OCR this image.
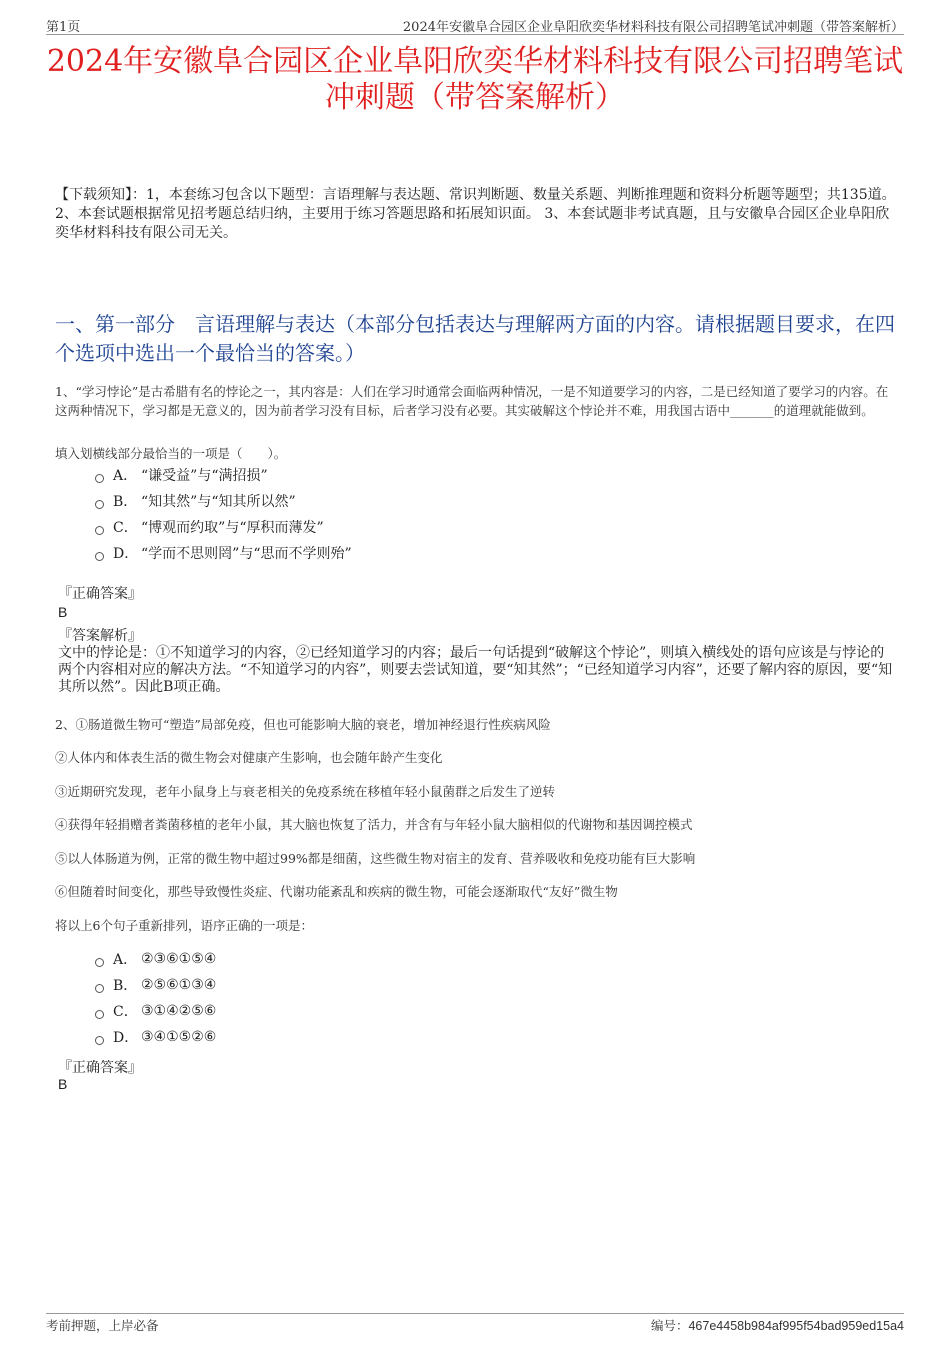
第1页	2024年安徽阜合园区企业阜阳欣奕华材料科技有限公司招聘笔试冲刺题（带答案解析）
2024年安徽阜合园区企业阜阳欣奕华材料科技有限公司招聘笔试冲刺题（带答案解析）
【下载须知】：1，本套练习包含以下题型：言语理解与表达题、常识判断题、数量关系题、判断推理题和资料分析题等题型；共135道。 2、本套试题根据常见招考题总结归纳，主要用于练习答题思路和拓展知识面。 3、本套试题非考试真题，且与安徽阜合园区企业阜阳欣奕华材料科技有限公司无关。
一、第一部分　言语理解与表达（本部分包括表达与理解两方面的内容。请根据题目要求，在四个选项中选出一个最恰当的答案。）
1、“学习悖论”是古希腊有名的悖论之一，其内容是：人们在学习时通常会面临两种情况，一是不知道要学习的内容，二是已经知道了要学习的内容。在这两种情况下，学习都是无意义的，因为前者学习没有目标，后者学习没有必要。其实破解这个悖论并不难，用我国古语中_______的道理就能做到。
填入划横线部分最恰当的一项是（　　）。
A． “谦受益”与“满招损”
B． “知其然”与“知其所以然”
C． “博观而约取”与“厚积而薄发”
D． “学而不思则罔”与“思而不学则殆”
『正确答案』
B
『答案解析』
文中的悖论是：①不知道学习的内容，②已经知道学习的内容；最后一句话提到“破解这个悖论”，则填入横线处的语句应该是与悖论的两个内容相对应的解决方法。“不知道学习的内容”，则要去尝试知道，要“知其然”；“已经知道学习内容”，还要了解内容的原因，要“知其所以然”。因此B项正确。
2、①肠道微生物可“塑造”局部免疫，但也可能影响大脑的衰老，增加神经退行性疾病风险
②人体内和体表生活的微生物会对健康产生影响，也会随年龄产生变化
③近期研究发现，老年小鼠身上与衰老相关的免疫系统在移植年轻小鼠菌群之后发生了逆转
④获得年轻捐赠者粪菌移植的老年小鼠，其大脑也恢复了活力，并含有与年轻小鼠大脑相似的代谢物和基因调控模式
⑤以人体肠道为例，正常的微生物中超过99%都是细菌，这些微生物对宿主的发育、营养吸收和免疫功能有巨大影响
⑥但随着时间变化，那些导致慢性炎症、代谢功能紊乱和疾病的微生物，可能会逐渐取代“友好”微生物
将以上6个句子重新排列，语序正确的一项是：
A． ②③⑥①⑤④
B． ②⑤⑥①③④
C． ③①④②⑤⑥
D． ③④①⑤②⑥
『正确答案』
B
考前押题，上岸必备	编号：467e4458b984af995f54bad959ed15a4
